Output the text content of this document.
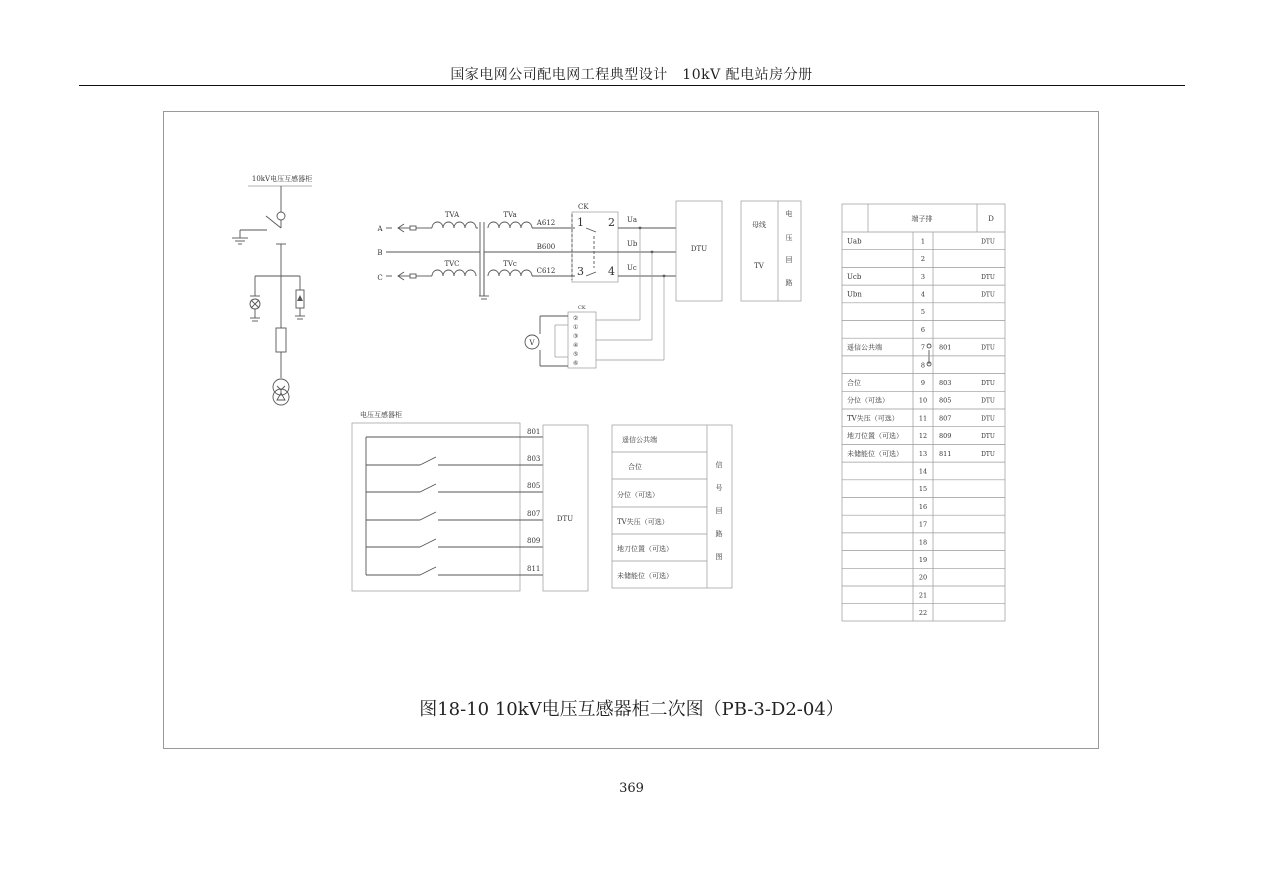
国家电网公司配电网工程典型设计　10kV 配电站房分册
10kV电压互感器柜
A
B
C
TVA	TVa
A612
B600
TVC	TVc
C612
CK
1 2
3 4
Ua
Ub
Uc
DTU
母线
TV
电
压
回
路
CK
②
①
③
④
⑤
⑥
V
电压互感器柜
801
803
805
807
809
811
DTU
遥信公共端
合位
分位（可选）
TV失压（可选）
地刀位置（可选）
未储能位（可选）
信
号
回
路
图
端子排	D
Uab	1	DTU
2
Ucb	3	DTU
Ubn	4	DTU
5
6
遥信公共端	7 801	DTU
8
合位	9 803	DTU
分位（可选）	10 805	DTU
TV失压（可选）	11 807	DTU
地刀位置（可选） 12 809	DTU
未储能位（可选） 13 811	DTU
14
15
16
17
18
19
20
21
22
图18-10 10kV电压互感器柜二次图（PB-3-D2-04）
369
